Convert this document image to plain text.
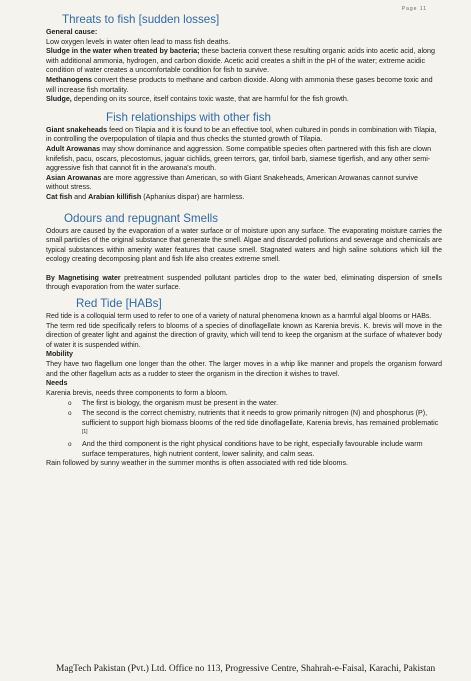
Page 11
Threats to fish [sudden losses]

General cause:

Low oxygen levels in water often lead to mass fish deaths.

Sludge in the water when treated by bacteria; these bacteria convert these resulting organic acids into acetic acid, along with additional ammonia, hydrogen, and carbon dioxide. Acetic acid creates a shift in the pH of the water; extreme acidic condition of water creates a uncomfortable condition for fish to survive.

Methanogens convert these products to methane and carbon dioxide. Along with ammonia these gases become toxic and will increase fish mortality.

Sludge, depending on its source, itself contains toxic waste, that are harmful for the fish growth.

Fish relationships with other fish

Giant snakeheads feed on Tilapia and it is found to be an effective tool, when cultured in ponds in combination with Tilapia, in controlling the overpopulation of tilapia and thus checks the stunted growth of Tilapia.

Adult Arowanas may show dominance and aggression. Some compatible species often partnered with this fish are clown knifefish, pacu, oscars, plecostomus, jaguar cichlids, green terrors, gar, tinfoil barb, siamese tigerfish, and any other semi-aggressive fish that cannot fit in the arowana's mouth.

Asian Arowanas are more aggressive than American, so with Giant Snakeheads, American Arowanas cannot survive without stress.

Cat fish and Arabian killifish (Aphanius dispar) are harmless.

Odours and repugnant Smells

Odours are caused by the evaporation of a water surface or of moisture upon any surface. The evaporating moisture carries the small particles of the original substance that generate the smell. Algae and discarded pollutions and sewerage and chemicals are typical substances within amenity water features that cause smell. Stagnated waters and high saline solutions which kill the ecology creating decomposing plant and fish life also creates extreme smell.

By Magnetising water pretreatment suspended pollutant particles drop to the water bed, eliminating dispersion of smells through evaporation from the water surface.

Red Tide [HABs]

Red tide is a colloquial term used to refer to one of a variety of natural phenomena known as a harmful algal blooms or HABs.

The term red tide specifically refers to blooms of a species of dinoflagellate known as Karenia brevis. K. brevis will move in the direction of greater light and against the direction of gravity, which will tend to keep the organism at the surface of whatever body of water it is suspended within.

Mobility

They have two flagellum one longer than the other. The larger moves in a whip like manner and propels the organism forward and the other flagellum acts as a rudder to steer the organism in the direction it wishes to travel.

Needs

Karenia brevis, needs three components to form a bloom.

o The first is biology, the organism must be present in the water.
o The second is the correct chemistry, nutrients that it needs to grow primarily nitrogen (N) and phosphorus (P), sufficient to support high biomass blooms of the red tide dinoflagellate, Karenia brevis, has remained problematic [1]
o And the third component is the right physical conditions have to be right, especially favourable include warm surface temperatures, high nutrient content, lower salinity, and calm seas.

Rain followed by sunny weather in the summer months is often associated with red tide blooms.

MagTech Pakistan (Pvt.) Ltd. Office no 113, Progressive Centre, Shahrah-e-Faisal, Karachi, Pakistan
